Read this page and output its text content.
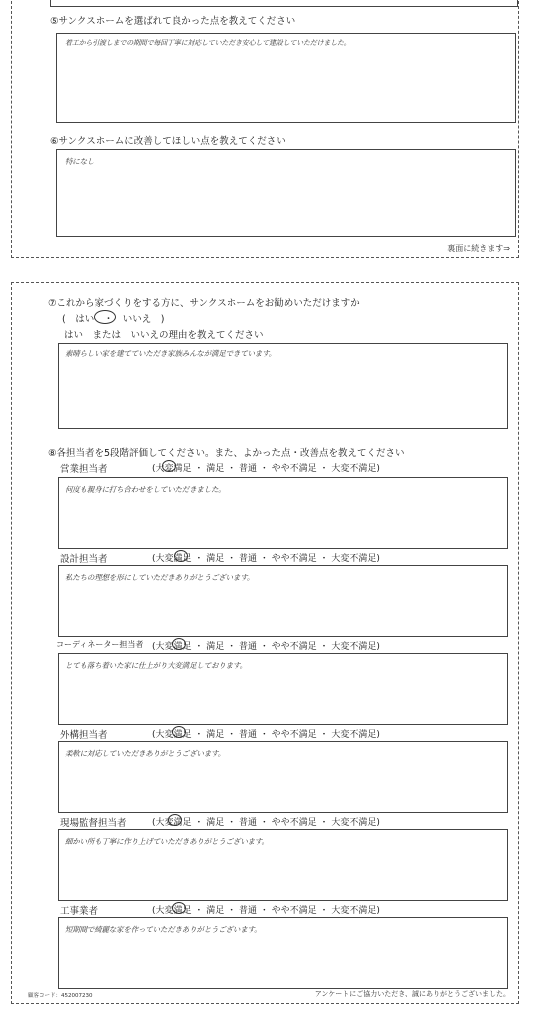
⑤サンクスホームを選ばれて良かった点を教えてください
着工から引渡しまでの期間で毎回丁寧に対応していただき安心して建設していただけました。
⑥サンクスホームに改善してほしい点を教えてください
特になし
裏面に続きます⇒
⑦これから家づくりをする方に、サンクスホームをお勧めいただけますか
(　はい　・　いいえ　)
はい　または　いいえの理由を教えてください
素晴らしい家を建てていただき家族みんなが満足できています。
⑧各担当者を5段階評価してください。また、よかった点・改善点を教えてください
営業担当者	(大変満足 ・ 満足 ・ 普通 ・ やや不満足 ・ 大変不満足)
何度も親身に打ち合わせをしていただきました。
設計担当者	(大変満足 ・ 満足 ・ 普通 ・ やや不満足 ・ 大変不満足)
私たちの理想を形にしていただきありがとうございます。
コーディネーター担当者 (大変満足 ・ 満足 ・ 普通 ・ やや不満足 ・ 大変不満足)
とても落ち着いた家に仕上がり大変満足しております。
外構担当者	(大変満足 ・ 満足 ・ 普通 ・ やや不満足 ・ 大変不満足)
柔軟に対応していただきありがとうございます。
現場監督担当者	(大変満足 ・ 満足 ・ 普通 ・ やや不満足 ・ 大変不満足)
細かい所も丁寧に作り上げていただきありがとうございます。
工事業者	(大変満足 ・ 満足 ・ 普通 ・ やや不満足 ・ 大変不満足)
短期間で綺麗な家を作っていただきありがとうございます。
顧客コード：452007230	アンケートにご協力いただき、誠にありがとうございました。
